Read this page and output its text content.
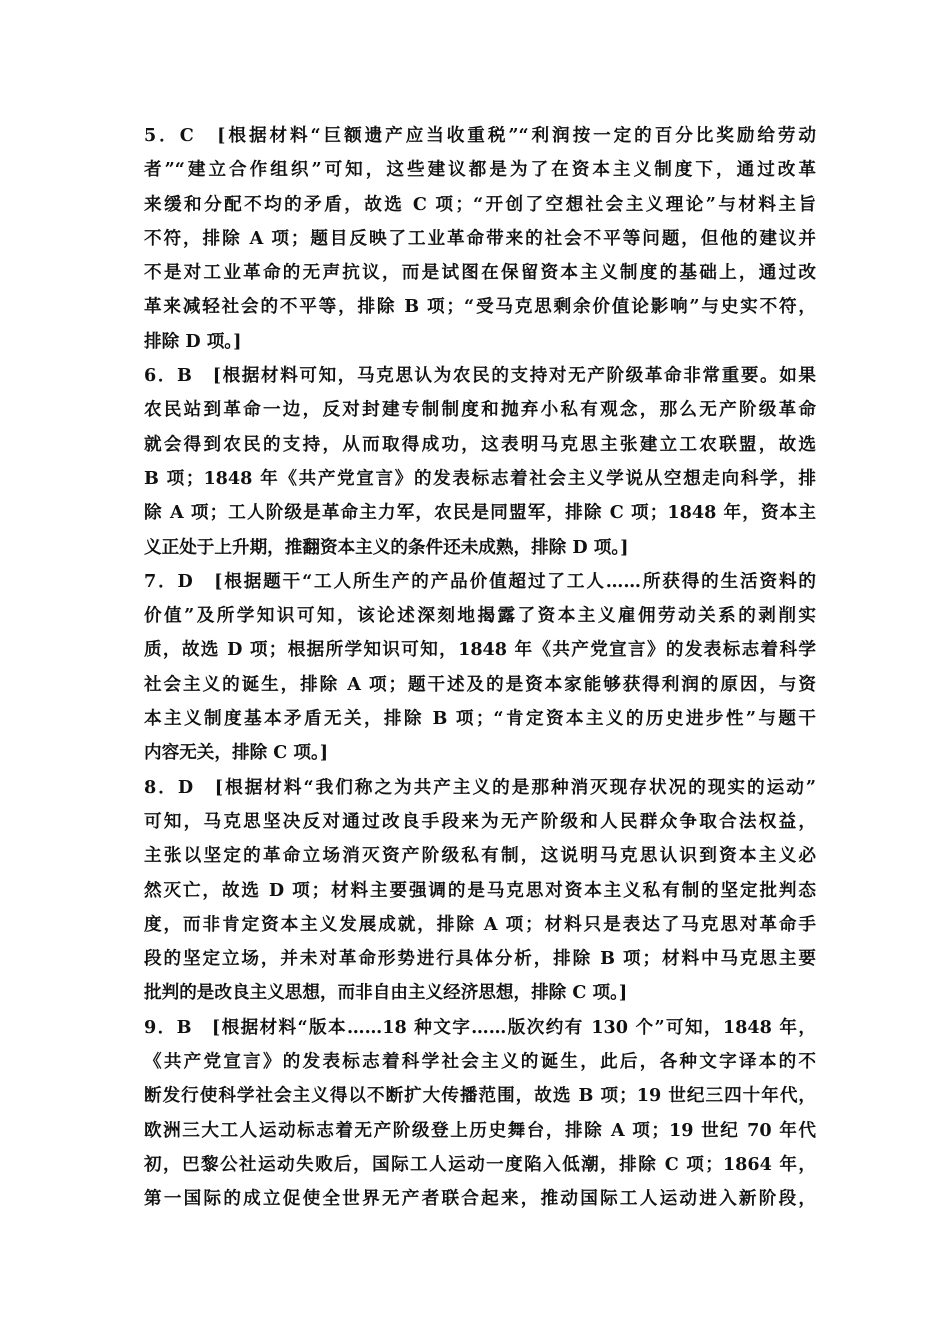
5．C　[根据材料“巨额遗产应当收重税”“利润按一定的百分比奖励给劳动
者”“建立合作组织”可知，这些建议都是为了在资本主义制度下，通过改革
来缓和分配不均的矛盾，故选 C 项；“开创了空想社会主义理论”与材料主旨
不符，排除 A 项；题目反映了工业革命带来的社会不平等问题，但他的建议并
不是对工业革命的无声抗议，而是试图在保留资本主义制度的基础上，通过改
革来减轻社会的不平等，排除 B 项；“受马克思剩余价值论影响”与史实不符，
排除 D 项。]
6．B　[根据材料可知，马克思认为农民的支持对无产阶级革命非常重要。如果
农民站到革命一边，反对封建专制制度和抛弃小私有观念，那么无产阶级革命
就会得到农民的支持，从而取得成功，这表明马克思主张建立工农联盟，故选
B 项；1848 年《共产党宣言》的发表标志着社会主义学说从空想走向科学，排
除 A 项；工人阶级是革命主力军，农民是同盟军，排除 C 项；1848 年，资本主
义正处于上升期，推翻资本主义的条件还未成熟，排除 D 项。]
7．D　[根据题干“工人所生产的产品价值超过了工人……所获得的生活资料的
价值”及所学知识可知，该论述深刻地揭露了资本主义雇佣劳动关系的剥削实
质，故选 D 项；根据所学知识可知，1848 年《共产党宣言》的发表标志着科学
社会主义的诞生，排除 A 项；题干述及的是资本家能够获得利润的原因，与资
本主义制度基本矛盾无关，排除 B 项；“肯定资本主义的历史进步性”与题干
内容无关，排除 C 项。]
8．D　[根据材料“我们称之为共产主义的是那种消灭现存状况的现实的运动”
可知，马克思坚决反对通过改良手段来为无产阶级和人民群众争取合法权益，
主张以坚定的革命立场消灭资产阶级私有制，这说明马克思认识到资本主义必
然灭亡，故选 D 项；材料主要强调的是马克思对资本主义私有制的坚定批判态
度，而非肯定资本主义发展成就，排除 A 项；材料只是表达了马克思对革命手
段的坚定立场，并未对革命形势进行具体分析，排除 B 项；材料中马克思主要
批判的是改良主义思想，而非自由主义经济思想，排除 C 项。]
9．B　[根据材料“版本……18 种文字……版次约有 130 个”可知，1848 年，
《共产党宣言》的发表标志着科学社会主义的诞生，此后，各种文字译本的不
断发行使科学社会主义得以不断扩大传播范围，故选 B 项；19 世纪三四十年代，
欧洲三大工人运动标志着无产阶级登上历史舞台，排除 A 项；19 世纪 70 年代
初，巴黎公社运动失败后，国际工人运动一度陷入低潮，排除 C 项；1864 年，
第一国际的成立促使全世界无产者联合起来，推动国际工人运动进入新阶段，
